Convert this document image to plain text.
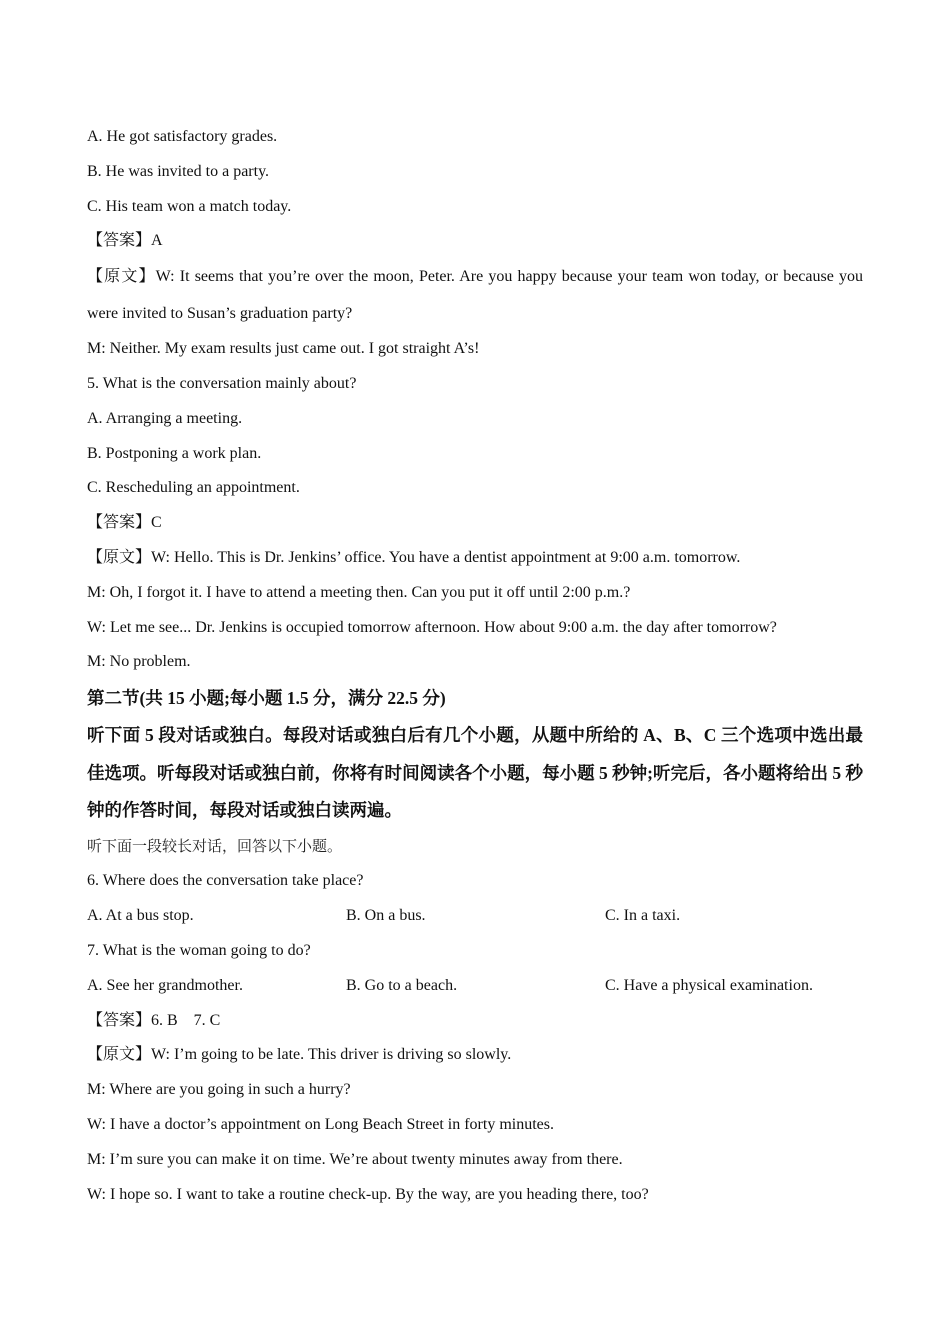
A. He got satisfactory grades.
B. He was invited to a party.
C. His team won a match today.
【答案】A
【原文】W: It seems that you’re over the moon, Peter. Are you happy because your team won today, or because you were invited to Susan’s graduation party?
M: Neither. My exam results just came out. I got straight A’s!
5. What is the conversation mainly about?
A. Arranging a meeting.
B. Postponing a work plan.
C. Rescheduling an appointment.
【答案】C
【原文】W: Hello. This is Dr. Jenkins’ office. You have a dentist appointment at 9:00 a.m. tomorrow.
M: Oh, I forgot it. I have to attend a meeting then. Can you put it off until 2:00 p.m.?
W: Let me see... Dr. Jenkins is occupied tomorrow afternoon. How about 9:00 a.m. the day after tomorrow?
M: No problem.
第二节(共 15 小题;每小题 1.5 分，满分 22.5 分)
听下面 5 段对话或独白。每段对话或独白后有几个小题，从题中所给的 A、B、C 三个选项中选出最佳选项。听每段对话或独白前，你将有时间阅读各个小题，每小题 5 秒钟;听完后，各小题将给出 5 秒钟的作答时间，每段对话或独白读两遍。
听下面一段较长对话，回答以下小题。
6. Where does the conversation take place?
A. At a bus stop.	B. On a bus.	C. In a taxi.
7. What is the woman going to do?
A. See her grandmother.	B. Go to a beach.	C. Have a physical examination.
【答案】6. B    7. C
【原文】W: I’m going to be late. This driver is driving so slowly.
M: Where are you going in such a hurry?
W: I have a doctor’s appointment on Long Beach Street in forty minutes.
M: I’m sure you can make it on time. We’re about twenty minutes away from there.
W: I hope so. I want to take a routine check-up. By the way, are you heading there, too?
